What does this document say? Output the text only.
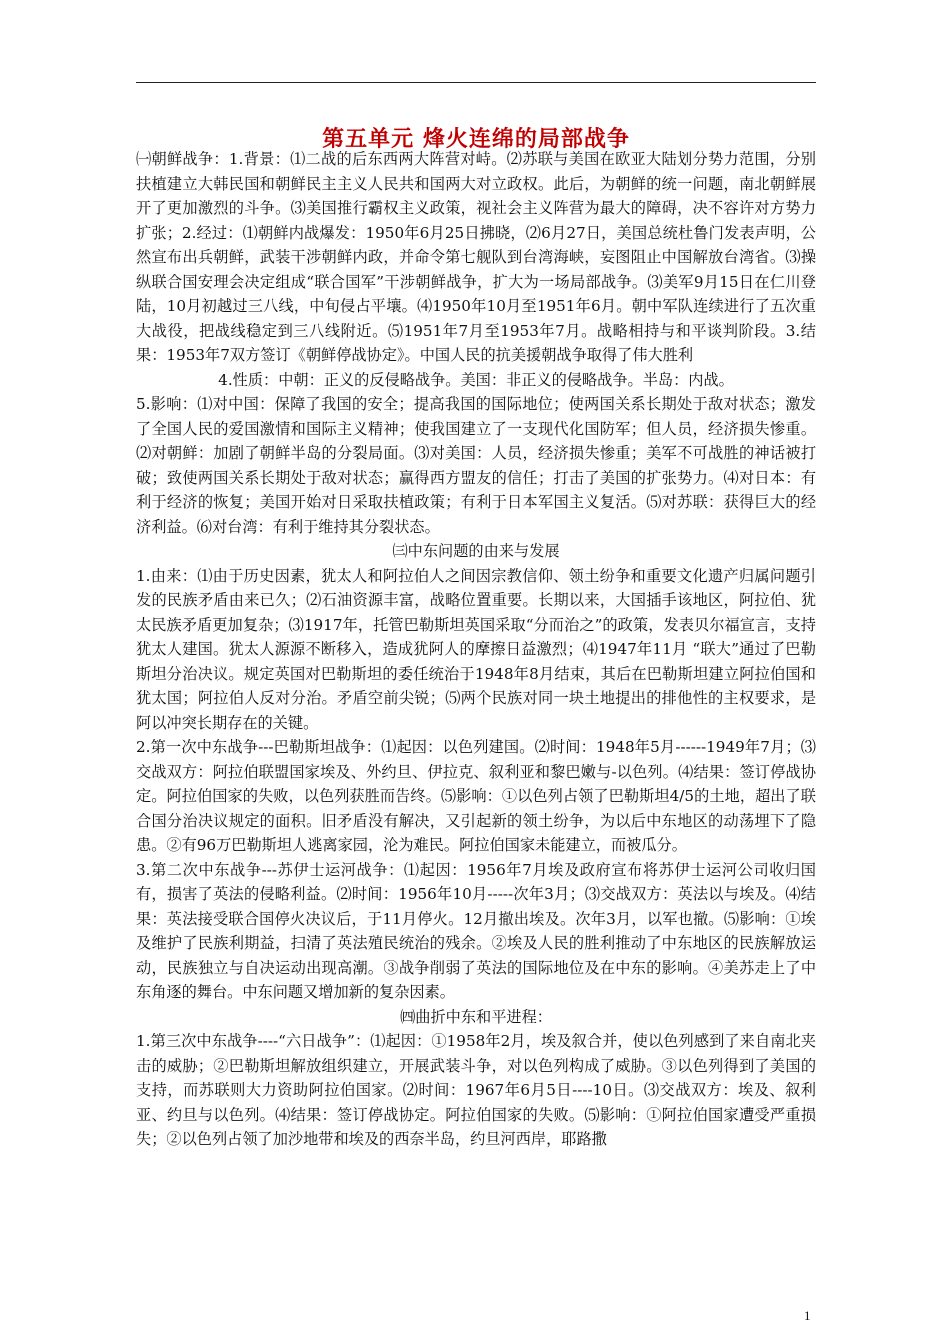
第五单元 烽火连绵的局部战争

㈠朝鲜战争：1.背景：⑴二战的后东西两大阵营对峙。⑵苏联与美国在欧亚大陆划分势力范围，分别扶植建立大韩民国和朝鲜民主主义人民共和国两大对立政权。此后，为朝鲜的统一问题，南北朝鲜展开了更加激烈的斗争。⑶美国推行霸权主义政策，视社会主义阵营为最大的障碍，决不容许对方势力扩张；2.经过：⑴朝鲜内战爆发：1950年6月25日拂晓，⑵6月27日，美国总统杜鲁门发表声明，公然宣布出兵朝鲜，武装干涉朝鲜内政，并命令第七舰队到台湾海峡，妄图阻止中国解放台湾省。⑶操纵联合国安理会决定组成“联合国军”干涉朝鲜战争，扩大为一场局部战争。⑶美军9月15日在仁川登陆，10月初越过三八线，中旬侵占平壤。⑷1950年10月至1951年6月。朝中军队连续进行了五次重大战役，把战线稳定到三八线附近。⑸1951年7月至1953年7月。战略相持与和平谈判阶段。3.结果：1953年7双方签订《朝鲜停战协定》。中国人民的抗美援朝战争取得了伟大胜利

4.性质：中朝：正义的反侵略战争。美国：非正义的侵略战争。半岛：内战。

5.影响：⑴对中国：保障了我国的安全；提高我国的国际地位；使两国关系长期处于敌对状态；激发了全国人民的爱国激情和国际主义精神；使我国建立了一支现代化国防军；但人员，经济损失惨重。⑵对朝鲜：加剧了朝鲜半岛的分裂局面。⑶对美国：人员，经济损失惨重；美军不可战胜的神话被打破；致使两国关系长期处于敌对状态；赢得西方盟友的信任；打击了美国的扩张势力。⑷对日本：有利于经济的恢复；美国开始对日采取扶植政策；有利于日本军国主义复活。⑸对苏联：获得巨大的经济利益。⑹对台湾：有利于维持其分裂状态。

㈢中东问题的由来与发展

1.由来：⑴由于历史因素，犹太人和阿拉伯人之间因宗教信仰、领土纷争和重要文化遗产归属问题引发的民族矛盾由来已久；⑵石油资源丰富，战略位置重要。长期以来，大国插手该地区，阿拉伯、犹太民族矛盾更加复杂；⑶1917年，托管巴勒斯坦英国采取“分而治之”的政策，发表贝尔福宣言，支持犹太人建国。犹太人源源不断移入，造成犹阿人的摩擦日益激烈；⑷1947年11月 “联大”通过了巴勒斯坦分治决议。规定英国对巴勒斯坦的委任统治于1948年8月结束，其后在巴勒斯坦建立阿拉伯国和犹太国；阿拉伯人反对分治。矛盾空前尖锐；⑸两个民族对同一块土地提出的排他性的主权要求，是阿以冲突长期存在的关键。

2.第一次中东战争---巴勒斯坦战争：⑴起因：以色列建国。⑵时间：1948年5月------1949年7月；⑶交战双方：阿拉伯联盟国家埃及、外约旦、伊拉克、叙利亚和黎巴嫩与-以色列。⑷结果：签订停战协定。阿拉伯国家的失败，以色列获胜而告终。⑸影响：①以色列占领了巴勒斯坦4/5的土地，超出了联合国分治决议规定的面积。旧矛盾没有解决，又引起新的领土纷争，为以后中东地区的动荡埋下了隐患。②有96万巴勒斯坦人逃离家园，沦为难民。阿拉伯国家未能建立，而被瓜分。

3.第二次中东战争---苏伊士运河战争：⑴起因：1956年7月埃及政府宣布将苏伊士运河公司收归国有，损害了英法的侵略利益。⑵时间：1956年10月-----次年3月；⑶交战双方：英法以与埃及。⑷结果：英法接受联合国停火决议后，于11月停火。12月撤出埃及。次年3月，以军也撤。⑸影响：①埃及维护了民族利期益，扫清了英法殖民统治的残余。②埃及人民的胜利推动了中东地区的民族解放运动，民族独立与自决运动出现高潮。③战争削弱了英法的国际地位及在中东的影响。④美苏走上了中东角逐的舞台。中东问题又增加新的复杂因素。

㈣曲折中东和平进程：

1.第三次中东战争----“六日战争”：⑴起因：①1958年2月，埃及叙合并，使以色列感到了来自南北夹击的威胁；②巴勒斯坦解放组织建立，开展武装斗争，对以色列构成了威胁。③以色列得到了美国的支持，而苏联则大力资助阿拉伯国家。⑵时间：1967年6月5日----10日。⑶交战双方：埃及、叙利亚、约旦与以色列。⑷结果：签订停战协定。阿拉伯国家的失败。⑸影响：①阿拉伯国家遭受严重损失；②以色列占领了加沙地带和埃及的西奈半岛，约旦河西岸，耶路撒

1
